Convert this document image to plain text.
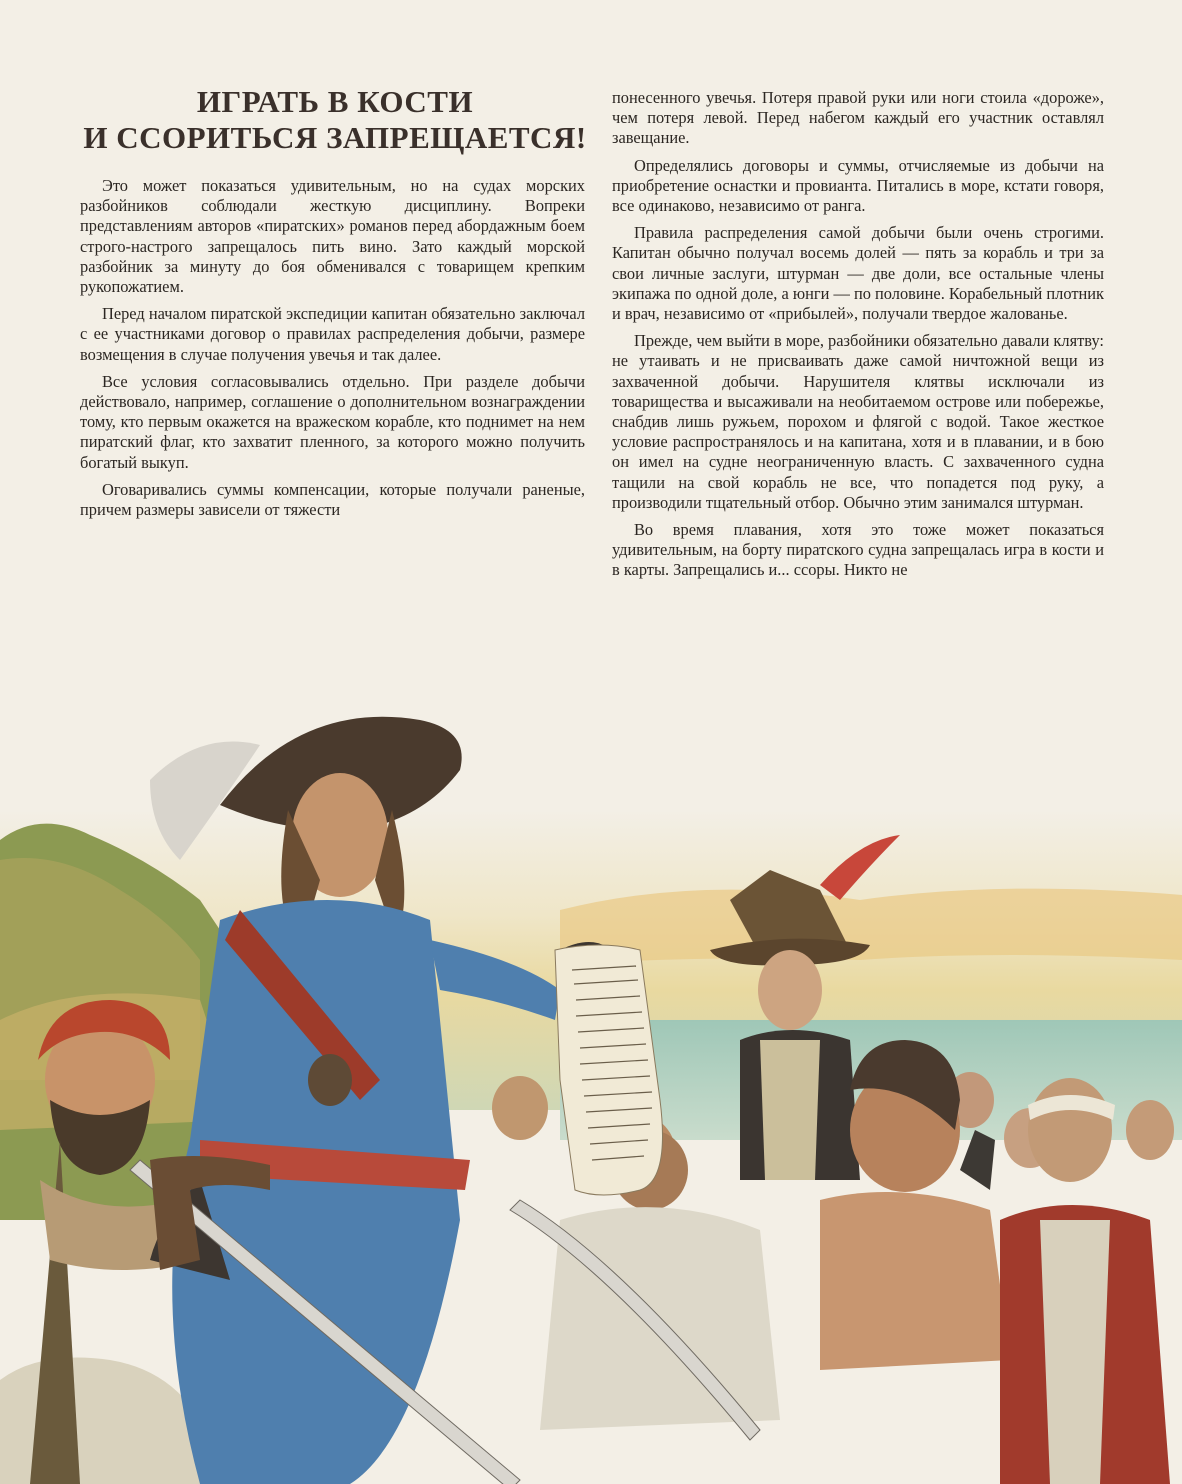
ИГРАТЬ В КОСТИ
И ССОРИТЬСЯ ЗАПРЕЩАЕТСЯ!

Это может показаться удивительным, но на судах морских разбойников соблюдали жесткую дисциплину. Вопреки представлениям авторов «пиратских» романов перед абордажным боем строго-настрого запрещалось пить вино. Зато каждый морской разбойник за минуту до боя обменивался с товарищем крепким рукопожатием.

Перед началом пиратской экспедиции капитан обязательно заключал с ее участниками договор о правилах распределения добычи, размере возмещения в случае получения увечья и так далее.

Все условия согласовывались отдельно. При разделе добычи действовало, например, соглашение о дополнительном вознаграждении тому, кто первым окажется на вражеском корабле, кто поднимет на нем пиратский флаг, кто захватит пленного, за которого можно получить богатый выкуп.

Оговаривались суммы компенсации, которые получали раненые, причем размеры зависели от тяжести

понесенного увечья. Потеря правой руки или ноги стоила «дороже», чем потеря левой. Перед набегом каждый его участник оставлял завещание.

Определялись договоры и суммы, отчисляемые из добычи на приобретение оснастки и провианта. Питались в море, кстати говоря, все одинаково, независимо от ранга.

Правила распределения самой добычи были очень строгими. Капитан обычно получал восемь долей — пять за корабль и три за свои личные заслуги, штурман — две доли, все остальные члены экипажа по одной доле, а юнги — по половине. Корабельный плотник и врач, независимо от «прибылей», получали твердое жалованье.

Прежде, чем выйти в море, разбойники обязательно давали клятву: не утаивать и не присваивать даже самой ничтожной вещи из захваченной добычи. Нарушителя клятвы исключали из товарищества и высаживали на необитаемом острове или побережье, снабдив лишь ружьем, порохом и флягой с водой. Такое жесткое условие распространялось и на капитана, хотя и в плавании, и в бою он имел на судне неограниченную власть. С захваченного судна тащили на свой корабль не все, что попадется под руку, а производили тщательный отбор. Обычно этим занимался штурман.

Во время плавания, хотя это тоже может показаться удивительным, на борту пиратского судна запрещалась игра в кости и в карты. Запрещались и... ссоры. Никто не
